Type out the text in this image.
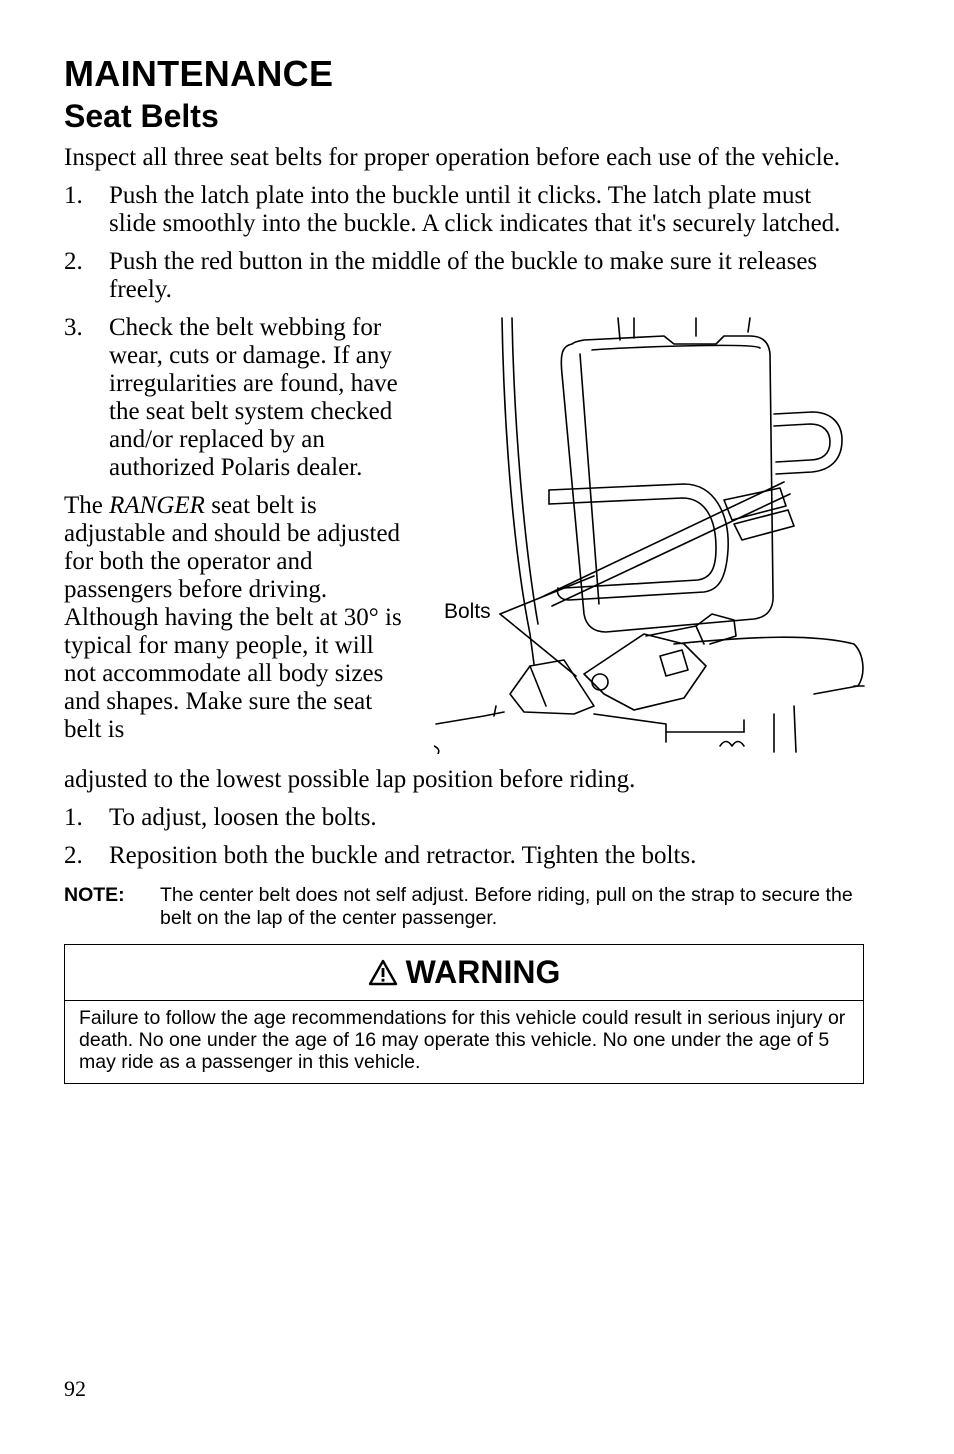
MAINTENANCE
Seat Belts

Inspect all three seat belts for proper operation before each use of the vehicle.

1. Push the latch plate into the buckle until it clicks. The latch plate must slide smoothly into the buckle. A click indicates that it's securely latched.
2. Push the red button in the middle of the buckle to make sure it releases freely.
3. Check the belt webbing for wear, cuts or damage. If any irregularities are found, have the seat belt system checked and/or replaced by an authorized Polaris dealer.

The RANGER seat belt is adjustable and should be adjusted for both the operator and passengers before driving. Although having the belt at 30° is typical for many people, it will not accommodate all body sizes and shapes. Make sure the seat belt is

Bolts

adjusted to the lowest possible lap position before riding.

1. To adjust, loosen the bolts.
2. Reposition both the buckle and retractor. Tighten the bolts.
NOTE: The center belt does not self adjust. Before riding, pull on the strap to secure the belt on the lap of the center passenger.
WARNING
Failure to follow the age recommendations for this vehicle could result in serious injury or death. No one under the age of 16 may operate this vehicle. No one under the age of 5 may ride as a passenger in this vehicle.
92
